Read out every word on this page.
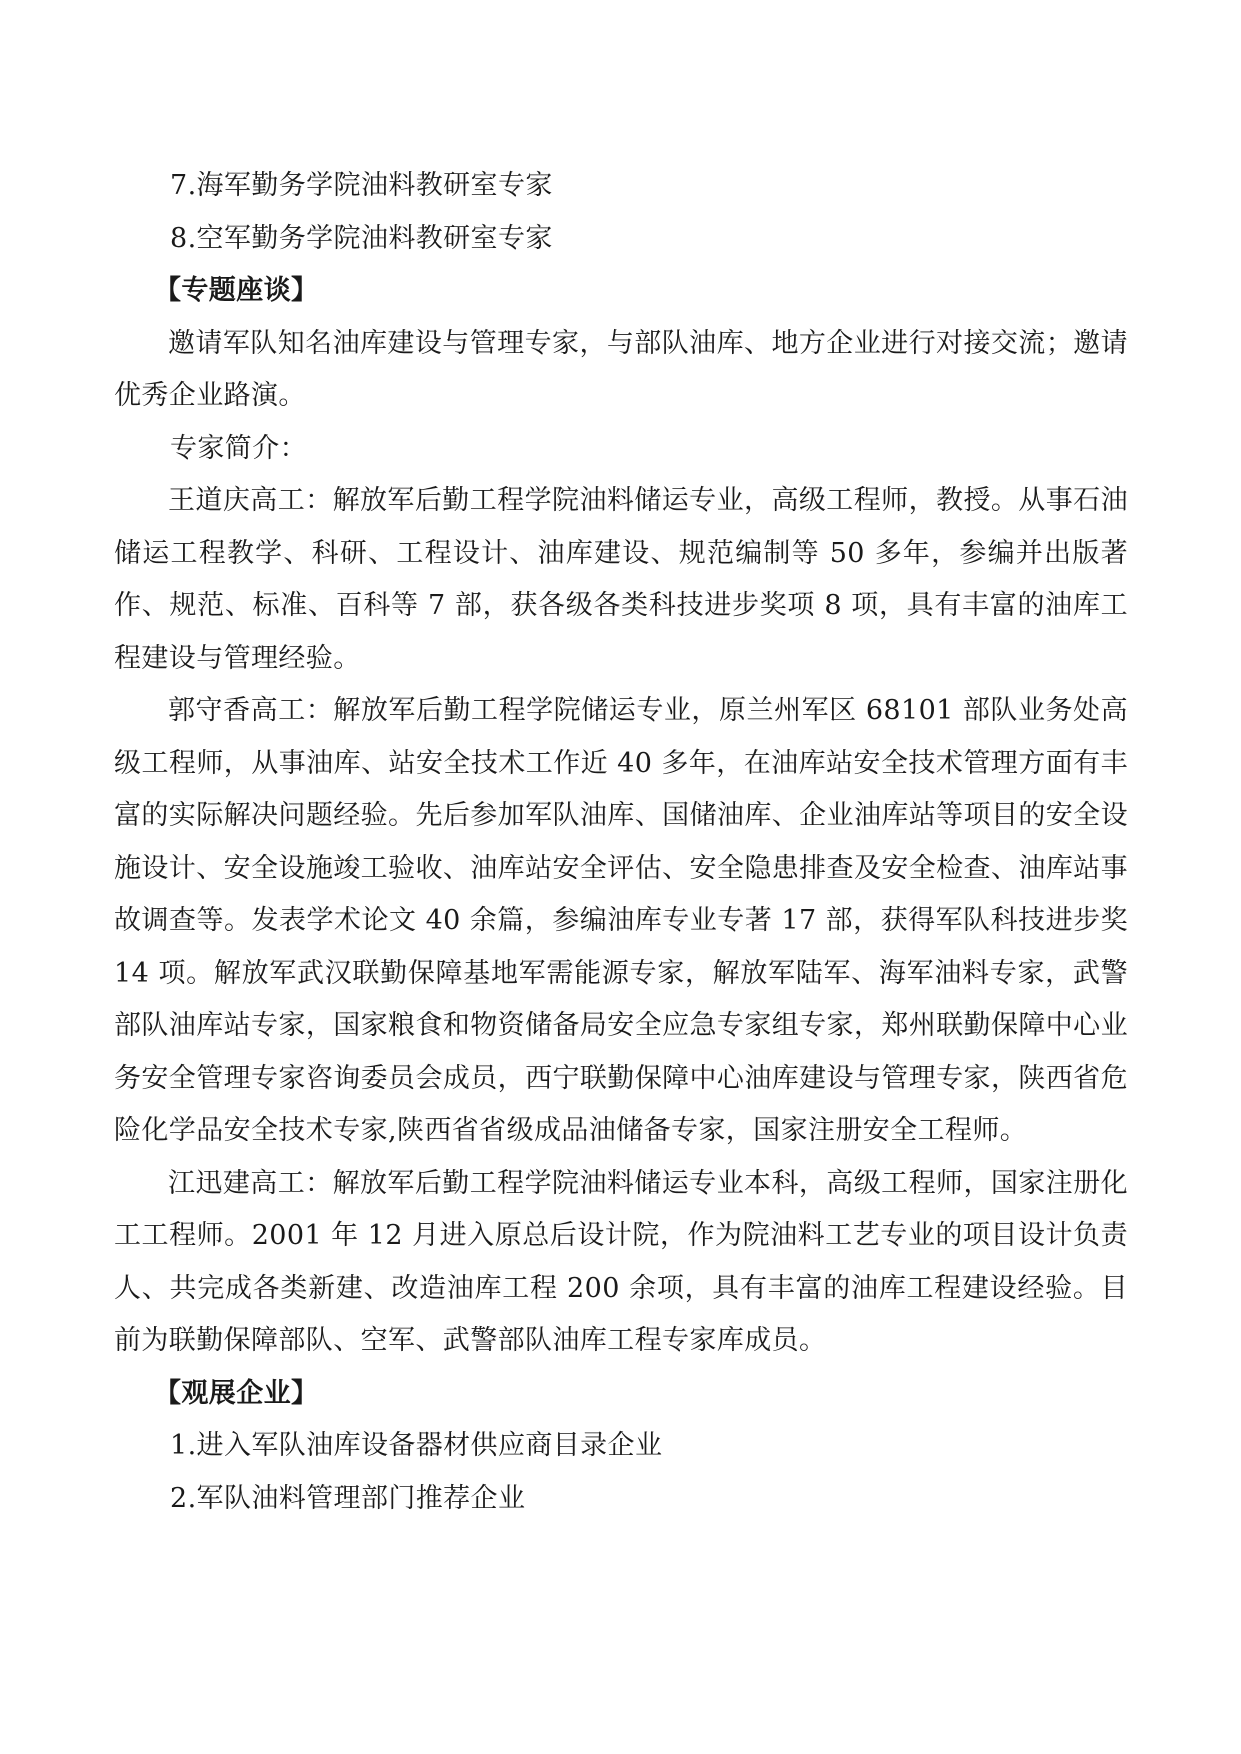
7.海军勤务学院油料教研室专家

8.空军勤务学院油料教研室专家

【专题座谈】

邀请军队知名油库建设与管理专家，与部队油库、地方企业进行对接交流；邀请优秀企业路演。

专家简介：

王道庆高工：解放军后勤工程学院油料储运专业，高级工程师，教授。从事石油储运工程教学、科研、工程设计、油库建设、规范编制等 50 多年，参编并出版著作、规范、标准、百科等 7 部，获各级各类科技进步奖项 8 项，具有丰富的油库工程建设与管理经验。

郭守香高工：解放军后勤工程学院储运专业，原兰州军区 68101 部队业务处高级工程师，从事油库、站安全技术工作近 40 多年，在油库站安全技术管理方面有丰富的实际解决问题经验。先后参加军队油库、国储油库、企业油库站等项目的安全设施设计、安全设施竣工验收、油库站安全评估、安全隐患排查及安全检查、油库站事故调查等。发表学术论文 40 余篇，参编油库专业专著 17 部，获得军队科技进步奖 14 项。解放军武汉联勤保障基地军需能源专家，解放军陆军、海军油料专家，武警部队油库站专家，国家粮食和物资储备局安全应急专家组专家，郑州联勤保障中心业务安全管理专家咨询委员会成员，西宁联勤保障中心油库建设与管理专家，陕西省危险化学品安全技术专家,陕西省省级成品油储备专家，国家注册安全工程师。

江迅建高工：解放军后勤工程学院油料储运专业本科，高级工程师，国家注册化工工程师。2001 年 12 月进入原总后设计院，作为院油料工艺专业的项目设计负责人、共完成各类新建、改造油库工程 200 余项，具有丰富的油库工程建设经验。目前为联勤保障部队、空军、武警部队油库工程专家库成员。

【观展企业】

1.进入军队油库设备器材供应商目录企业

2.军队油料管理部门推荐企业
